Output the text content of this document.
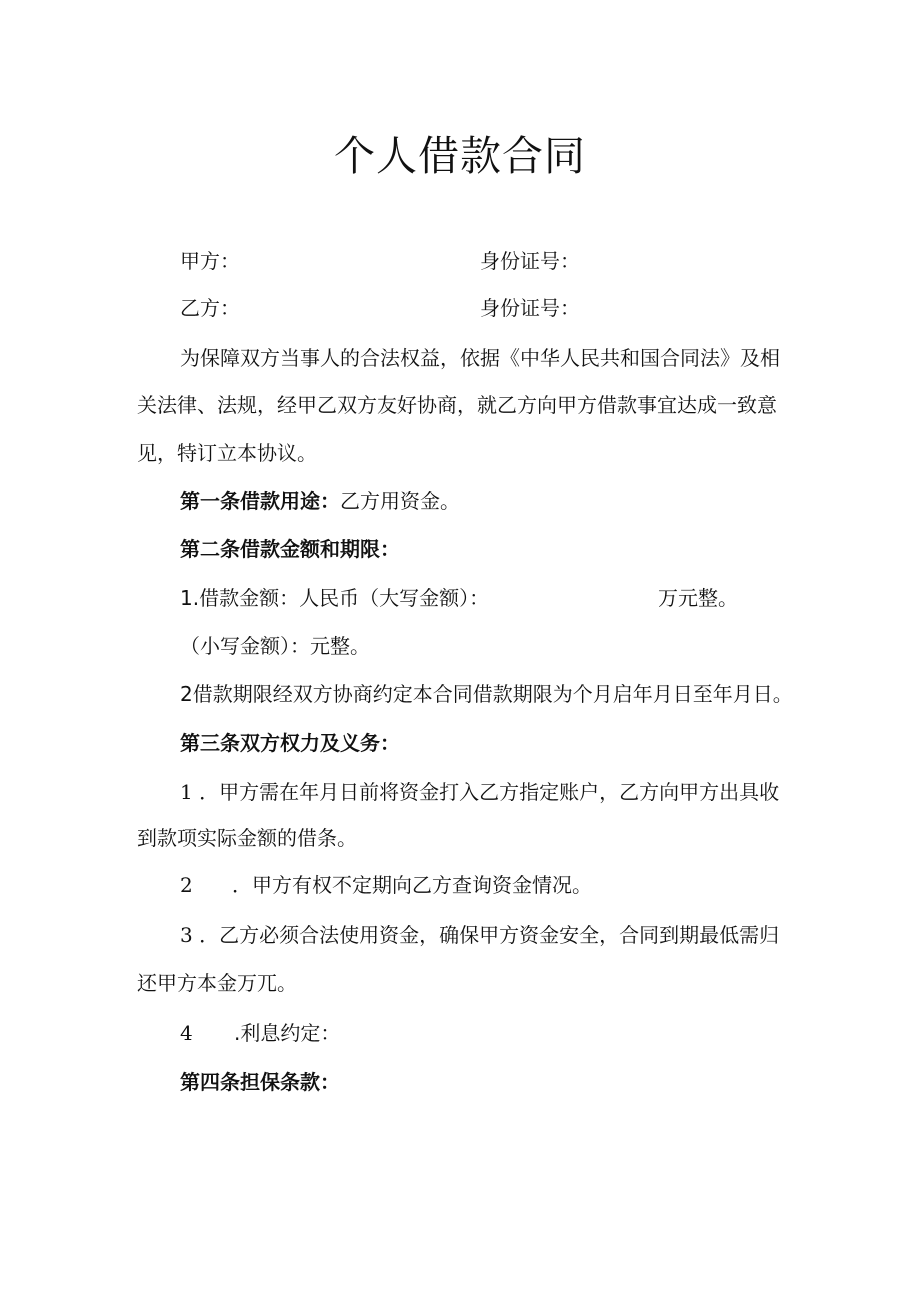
个人借款合同
甲方：	身份证号：
乙方：	身份证号：
为保障双方当事人的合法权益，依据《中华人民共和国合同法》及相
关法律、法规，经甲乙双方友好协商，就乙方向甲方借款事宜达成一致意
见，特订立本协议。
第一条借款用途：乙方用资金。
第二条借款金额和期限：
1.借款金额：人民币（大写金额）：	万元整。
（小写金额）：元整。
2借款期限经双方协商约定本合同借款期限为个月启年月日至年月日。
第三条双方权力及义务：
1 ．甲方需在年月日前将资金打入乙方指定账户，乙方向甲方出具收
到款项实际金额的借条。
2 ．甲方有权不定期向乙方查询资金情况。
3 ．乙方必须合法使用资金，确保甲方资金安全，合同到期最低需归
还甲方本金万兀。
4 .利息约定：
第四条担保条款：
